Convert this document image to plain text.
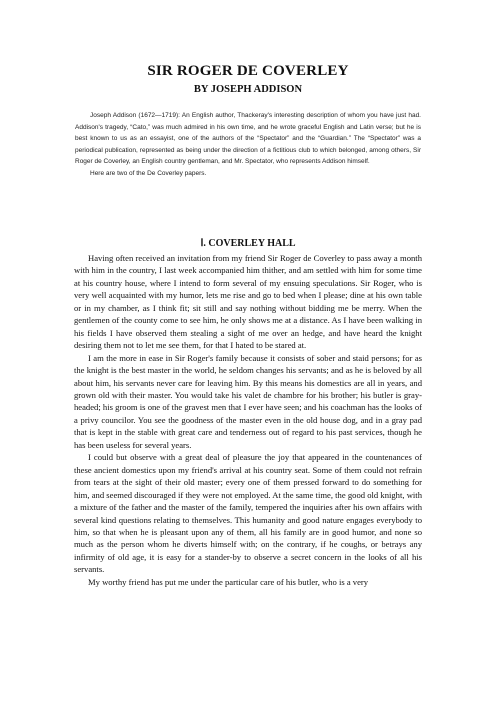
SIR ROGER DE COVERLEY
BY JOSEPH ADDISON

Joseph Addison (1672—1719): An English author, Thackeray's interesting description of whom you have just had. Addison's tragedy, “Cato,” was much admired in his own time, and he wrote graceful English and Latin verse; but he is best known to us as an essayist, one of the authors of the “Spectator” and the “Guardian.” The “Spectator” was a periodical publication, represented as being under the direction of a fictitious club to which belonged, among others, Sir Roger de Coverley, an English country gentleman, and Mr. Spectator, who represents Addison himself.

Here are two of the De Coverley papers.

Ⅰ. COVERLEY HALL

Having often received an invitation from my friend Sir Roger de Coverley to pass away a month with him in the country, I last week accompanied him thither, and am settled with him for some time at his country house, where I intend to form several of my ensuing speculations. Sir Roger, who is very well acquainted with my humor, lets me rise and go to bed when I please; dine at his own table or in my chamber, as I think fit; sit still and say nothing without bidding me be merry. When the gentlemen of the county come to see him, he only shows me at a distance. As I have been walking in his fields I have observed them stealing a sight of me over an hedge, and have heard the knight desiring them not to let me see them, for that I hated to be stared at.

I am the more in ease in Sir Roger's family because it consists of sober and staid persons; for as the knight is the best master in the world, he seldom changes his servants; and as he is beloved by all about him, his servants never care for leaving him. By this means his domestics are all in years, and grown old with their master. You would take his valet de chambre for his brother; his butler is gray-headed; his groom is one of the gravest men that I ever have seen; and his coachman has the looks of a privy councilor. You see the goodness of the master even in the old house dog, and in a gray pad that is kept in the stable with great care and tenderness out of regard to his past services, though he has been useless for several years.

I could but observe with a great deal of pleasure the joy that appeared in the countenances of these ancient domestics upon my friend's arrival at his country seat. Some of them could not refrain from tears at the sight of their old master; every one of them pressed forward to do something for him, and seemed discouraged if they were not employed. At the same time, the good old knight, with a mixture of the father and the master of the family, tempered the inquiries after his own affairs with several kind questions relating to themselves. This humanity and good nature engages everybody to him, so that when he is pleasant upon any of them, all his family are in good humor, and none so much as the person whom he diverts himself with; on the contrary, if he coughs, or betrays any infirmity of old age, it is easy for a stander-by to observe a secret concern in the looks of all his servants.

My worthy friend has put me under the particular care of his butler, who is a very
